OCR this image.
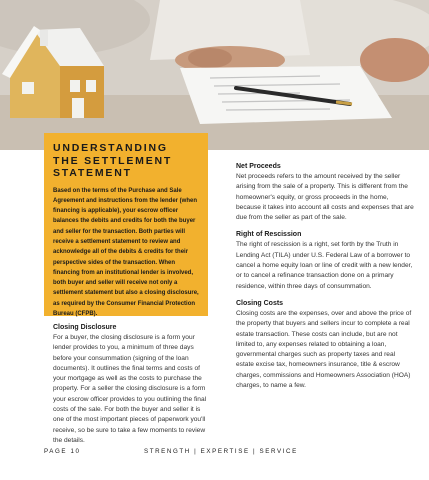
UNDERSTANDING
THE SETTLEMENT
STATEMENT

Based on the terms of the Purchase and Sale Agreement and instructions from the lender (when financing is applicable), your escrow officer balances the debits and credits for both the buyer and seller for the transaction. Both parties will receive a settlement statement to review and acknowledge all of the debits & credits for their perspective sides of the transaction. When financing from an institutional lender is involved, both buyer and seller will receive not only a settlement statement but also a closing disclosure, as required by the Consumer Financial Protection Bureau (CFPB).

Closing Disclosure

For a buyer, the closing disclosure is a form your lender provides to you, a minimum of three days before your consummation (signing of the loan documents). It outlines the final terms and costs of your mortgage as well as the costs to purchase the property. For a seller the closing disclosure is a form your escrow officer provides to you outlining the final costs of the sale. For both the buyer and seller it is one of the most important pieces of paperwork you'll receive, so be sure to take a few moments to review the details.

Net Proceeds

Net proceeds refers to the amount received by the seller arising from the sale of a property. This is different from the homeowner's equity, or gross proceeds in the home, because it takes into account all costs and expenses that are due from the seller as part of the sale.

Right of Rescission

The right of rescission is a right, set forth by the Truth in Lending Act (TILA) under U.S. Federal Law of a borrower to cancel a home equity loan or line of credit with a new lender, or to cancel a refinance transaction done on a primary residence, within three days of consummation.

Closing Costs

Closing costs are the expenses, over and above the price of the property that buyers and sellers incur to complete a real estate transaction. These costs can include, but are not limited to, any expenses related to obtaining a loan, governmental charges such as property taxes and real estate excise tax, homeowners insurance, title & escrow charges, commissions and Homeowners Association (HOA) charges, to name a few.

PAGE 10	STRENGTH | EXPERTISE | SERVICE
